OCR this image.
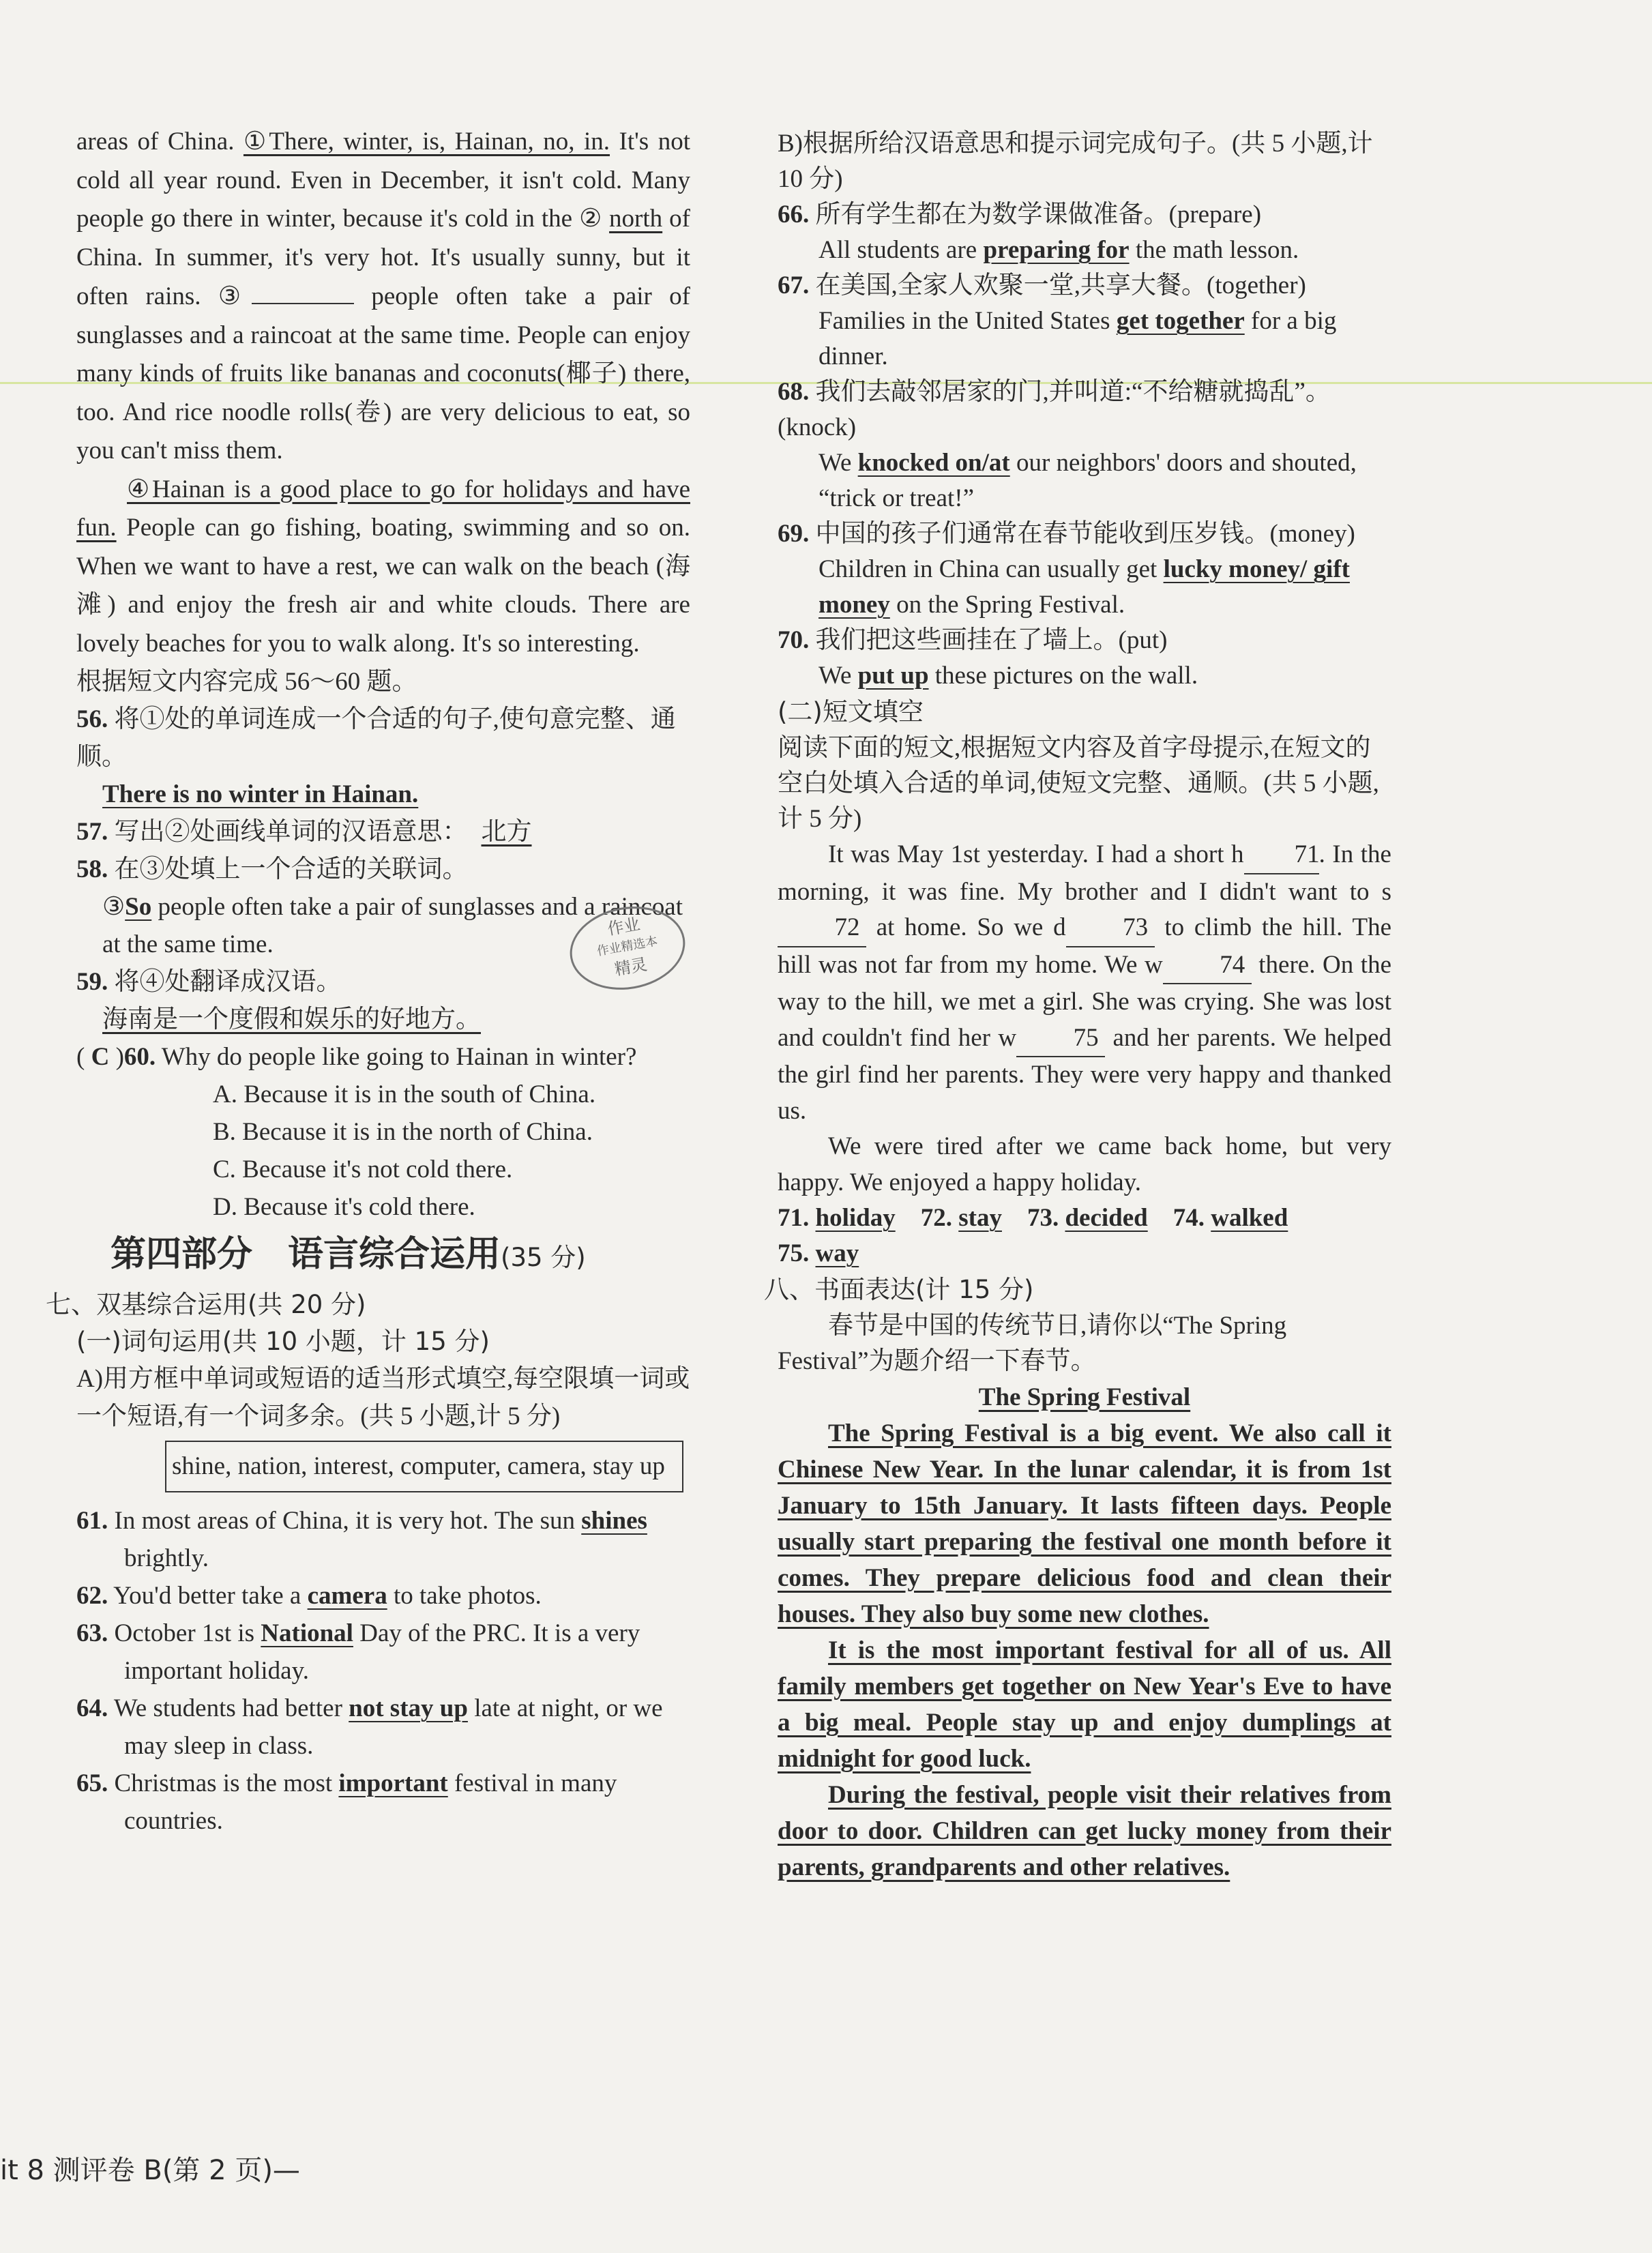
areas of China. ①There, winter, is, Hainan, no, in. It's not cold all year round. Even in December, it isn't cold. Many people go there in winter, because it's cold in the ② north of China. In summer, it's very hot. It's usually sunny, but it often rains. ③	people often take a pair of sunglasses and a raincoat at the same time. People can enjoy many kinds of fruits like bananas and coconuts(椰子) there, too. And rice noodle rolls(卷) are very delicious to eat, so you can't miss them.

④Hainan is a good place to go for holidays and have fun. People can go fishing, boating, swimming and so on. When we want to have a rest, we can walk on the beach (海滩) and enjoy the fresh air and white clouds. There are lovely beaches for you to walk along. It's so interesting.

根据短文内容完成 56～60 题。

56. 将①处的单词连成一个合适的句子,使句意完整、通顺。

There is no winter in Hainan.

57. 写出②处画线单词的汉语意思： 北方

58. 在③处填上一个合适的关联词。

③So people often take a pair of sunglasses and a raincoat at the same time.

59. 将④处翻译成汉语。

海南是一个度假和娱乐的好地方。

( C )60. Why do people like going to Hainan in winter?

A. Because it is in the south of China.

B. Because it is in the north of China.

C. Because it's not cold there.

D. Because it's cold there.

第四部分　语言综合运用(35 分)

七、双基综合运用(共 20 分)

(一)词句运用(共 10 小题，计 15 分)

A)用方框中单词或短语的适当形式填空,每空限填一词或一个短语,有一个词多余。(共 5 小题,计 5 分)

shine, nation, interest, computer, camera, stay up

61. In most areas of China, it is very hot. The sun shines brightly.

62. You'd better take a camera to take photos.

63. October 1st is National Day of the PRC. It is a very important holiday.

64. We students had better not stay up late at night, or we may sleep in class.

65. Christmas is the most important festival in many countries.

作业
作业精选本
精灵

B)根据所给汉语意思和提示词完成句子。(共 5 小题,计 10 分)

66. 所有学生都在为数学课做准备。(prepare)

All students are preparing for the math lesson.

67. 在美国,全家人欢聚一堂,共享大餐。(together)

Families in the United States get together for a big dinner.

68. 我们去敲邻居家的门,并叫道:“不给糖就捣乱”。(knock)

We knocked on/at our neighbors' doors and shouted, “trick or treat!”

69. 中国的孩子们通常在春节能收到压岁钱。(money)

Children in China can usually get lucky money/ gift money on the Spring Festival.

70. 我们把这些画挂在了墙上。(put)

We put up these pictures on the wall.

(二)短文填空

阅读下面的短文,根据短文内容及首字母提示,在短文的空白处填入合适的单词,使短文完整、通顺。(共 5 小题,计 5 分)

It was May 1st yesterday. I had a short h 71. In the morning, it was fine. My brother and I didn't want to s72 at home. So we d 73 to climb the hill. The hill was not far from my home. We w 74 there. On the way to the hill, we met a girl. She was crying. She was lost and couldn't find her w 75 and her parents. We helped the girl find her parents. They were very happy and thanked us.

We were tired after we came back home, but very happy. We enjoyed a happy holiday.

71. holiday 72. stay 73. decided 74. walked
75. way

八、书面表达(计 15 分)

春节是中国的传统节日,请你以“The Spring Festival”为题介绍一下春节。

The Spring Festival

The Spring Festival is a big event. We also call it Chinese New Year. In the lunar calendar, it is from 1st January to 15th January. It lasts fifteen days. People usually start preparing the festival one month before it comes. They prepare delicious food and clean their houses. They also buy some new clothes.

It is the most important festival for all of us. All family members get together on New Year's Eve to have a big meal. People stay up and enjoy dumplings at midnight for good luck.

During the festival, people visit their relatives from door to door. Children can get lucky money from their parents, grandparents and other relatives.

it 8 测评卷 B(第 2 页)—
